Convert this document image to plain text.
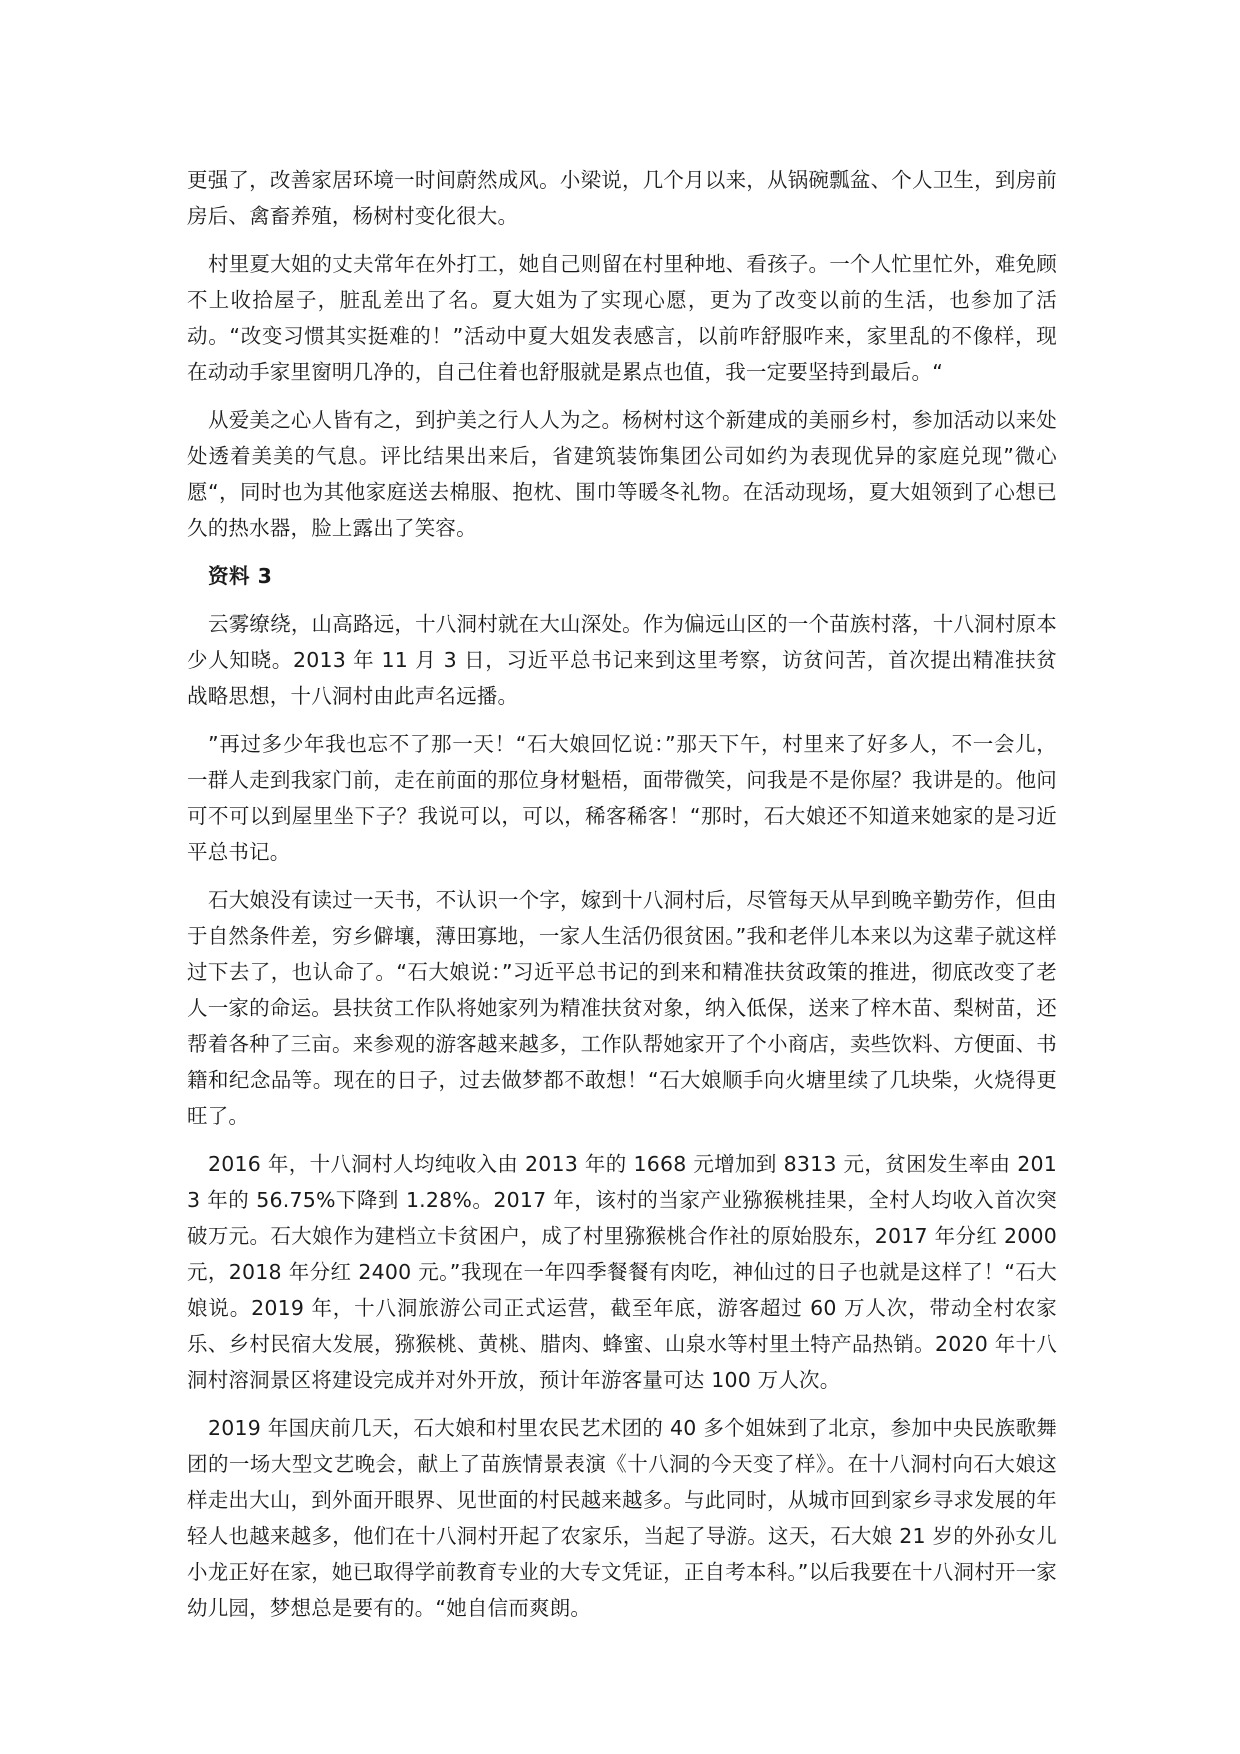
更强了，改善家居环境一时间蔚然成风。小梁说，几个月以来，从锅碗瓢盆、个人卫生，到房前房后、禽畜养殖，杨树村变化很大。

村里夏大姐的丈夫常年在外打工，她自己则留在村里种地、看孩子。一个人忙里忙外，难免顾不上收拾屋子，脏乱差出了名。夏大姐为了实现心愿，更为了改变以前的生活，也参加了活动。“改变习惯其实挺难的！”活动中夏大姐发表感言，以前咋舒服咋来，家里乱的不像样，现在动动手家里窗明几净的，自己住着也舒服就是累点也值，我一定要坚持到最后。“

从爱美之心人皆有之，到护美之行人人为之。杨树村这个新建成的美丽乡村，参加活动以来处处透着美美的气息。评比结果出来后，省建筑装饰集团公司如约为表现优异的家庭兑现”微心愿“，同时也为其他家庭送去棉服、抱枕、围巾等暖冬礼物。在活动现场，夏大姐领到了心想已久的热水器，脸上露出了笑容。

资料 3

云雾缭绕，山高路远，十八洞村就在大山深处。作为偏远山区的一个苗族村落，十八洞村原本少人知晓。2013 年 11 月 3 日，习近平总书记来到这里考察，访贫问苦，首次提出精准扶贫战略思想，十八洞村由此声名远播。

”再过多少年我也忘不了那一天！“石大娘回忆说：”那天下午，村里来了好多人，不一会儿，一群人走到我家门前，走在前面的那位身材魁梧，面带微笑，问我是不是你屋？我讲是的。他问可不可以到屋里坐下子？我说可以，可以，稀客稀客！“那时，石大娘还不知道来她家的是习近平总书记。

石大娘没有读过一天书，不认识一个字，嫁到十八洞村后，尽管每天从早到晚辛勤劳作，但由于自然条件差，穷乡僻壤，薄田寡地，一家人生活仍很贫困。”我和老伴儿本来以为这辈子就这样过下去了，也认命了。“石大娘说：”习近平总书记的到来和精准扶贫政策的推进，彻底改变了老人一家的命运。县扶贫工作队将她家列为精准扶贫对象，纳入低保，送来了梓木苗、梨树苗，还帮着各种了三亩。来参观的游客越来越多，工作队帮她家开了个小商店，卖些饮料、方便面、书籍和纪念品等。现在的日子，过去做梦都不敢想！“石大娘顺手向火塘里续了几块柴，火烧得更旺了。

2016 年，十八洞村人均纯收入由 2013 年的 1668 元增加到 8313 元，贫困发生率由 2013 年的 56.75%下降到 1.28%。2017 年，该村的当家产业猕猴桃挂果，全村人均收入首次突破万元。石大娘作为建档立卡贫困户，成了村里猕猴桃合作社的原始股东，2017 年分红 2000 元，2018 年分红 2400 元。”我现在一年四季餐餐有肉吃，神仙过的日子也就是这样了！“石大娘说。2019 年，十八洞旅游公司正式运营，截至年底，游客超过 60 万人次，带动全村农家乐、乡村民宿大发展，猕猴桃、黄桃、腊肉、蜂蜜、山泉水等村里土特产品热销。2020 年十八洞村溶洞景区将建设完成并对外开放，预计年游客量可达 100 万人次。

2019 年国庆前几天，石大娘和村里农民艺术团的 40 多个姐妹到了北京，参加中央民族歌舞团的一场大型文艺晚会，献上了苗族情景表演《十八洞的今天变了样》。在十八洞村向石大娘这样走出大山，到外面开眼界、见世面的村民越来越多。与此同时，从城市回到家乡寻求发展的年轻人也越来越多，他们在十八洞村开起了农家乐，当起了导游。这天，石大娘 21 岁的外孙女儿小龙正好在家，她已取得学前教育专业的大专文凭证，正自考本科。”以后我要在十八洞村开一家幼儿园，梦想总是要有的。“她自信而爽朗。
